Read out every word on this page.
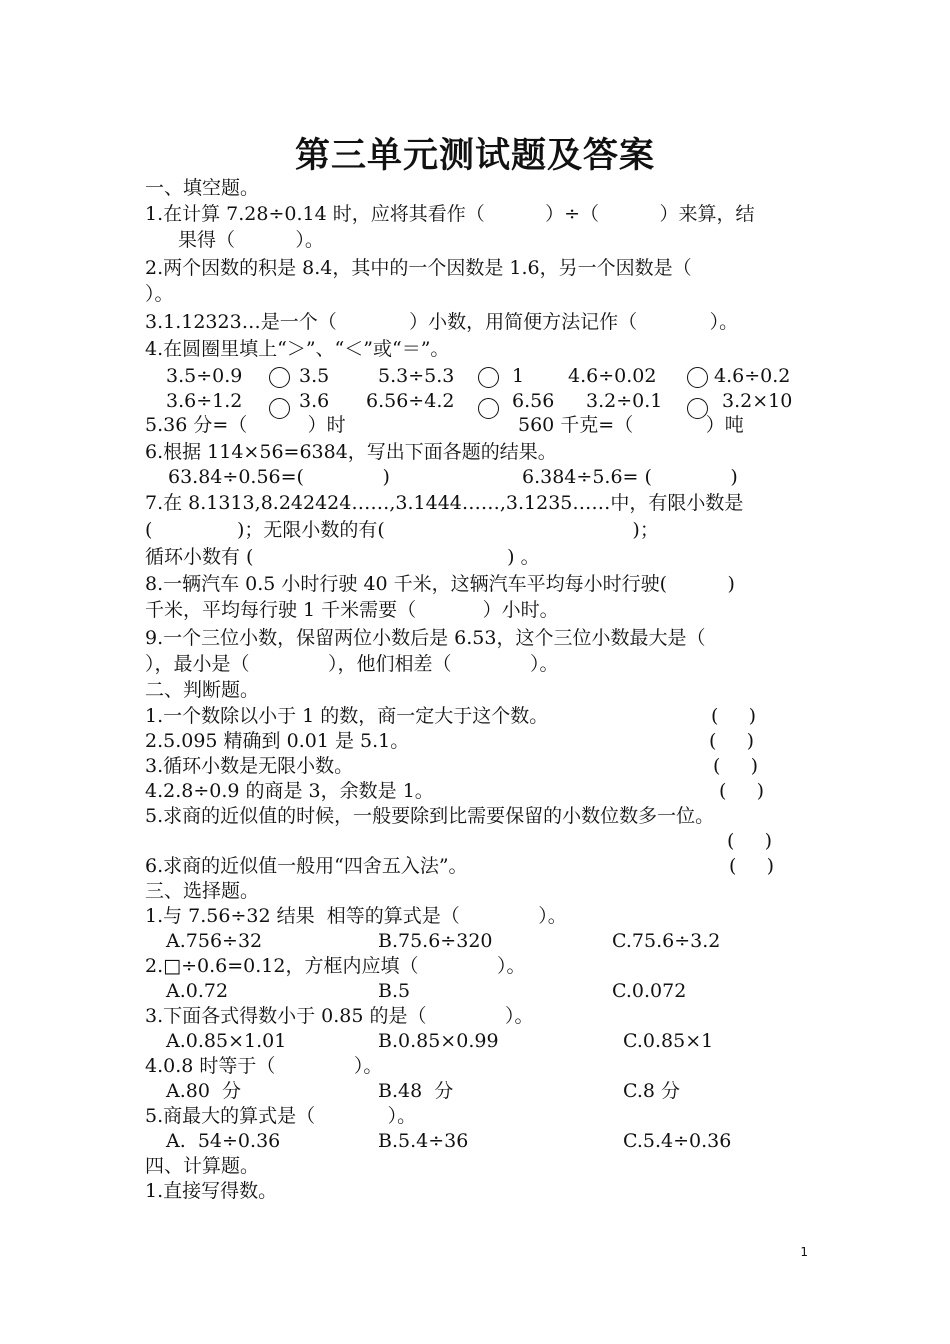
第三单元测试题及答案
一、填空题。
1.在计算 7.28÷0.14 时，应将其看作（          ）÷（          ）来算，结
果得（          ）。
2.两个因数的积是 8.4，其中的一个因数是 1.6，另一个因数是（
）。
3.1.12323…是一个（            ）小数，用简便方法记作（            ）。
4.在圆圈里填上“＞”、“＜”或“＝”。
3.5÷0.9	3.5	5.3÷5.3	1 4.6÷0.02	4.6÷0.2
3.6÷1.2	3.6 6.56÷4.2	6.56 3.2÷0.1	3.2×10
5.36 分=（          ）时	560 千克=（            ）吨
6.根据 114×56=6384，写出下面各题的结果。
63.84÷0.56=(             )	6.384÷5.6= (             )
7.在 8.1313,8.242424……,3.1444……,3.1235……中，有限小数是
(              )；无限小数的有(                                         )；
循环小数有 (                                          ) 。
8.一辆汽车 0.5 小时行驶 40 千米，这辆汽车平均每小时行驶(          )
千米，平均每行驶 1 千米需要（           ）小时。
9.一个三位小数，保留两位小数后是 6.53，这个三位小数最大是（
），最小是（             ），他们相差（             ）。
二、判断题。
1.一个数除以小于 1 的数，商一定大于这个数。	(     )
2.5.095 精确到 0.01 是 5.1。	(     )
3.循环小数是无限小数。	(     )
4.2.8÷0.9 的商是 3，余数是 1。	(     )
5.求商的近似值的时候，一般要除到比需要保留的小数位数多一位。
(     )
6.求商的近似值一般用“四舍五入法”。	(     )
三、选择题。
1.与 7.56÷32 结果  相等的算式是（             ）。
A.756÷32	B.75.6÷320	C.75.6÷3.2
2.□÷0.6=0.12，方框内应填（             ）。
A.0.72	B.5	C.0.072
3.下面各式得数小于 0.85 的是（             ）。
A.0.85×1.01	B.0.85×0.99	C.0.85×1
4.0.8 时等于（             ）。
A.80  分	B.48  分	C.8 分
5.商最大的算式是（            ）。
A.  54÷0.36	B.5.4÷36	C.5.4÷0.36
四、计算题。
1.直接写得数。
1
